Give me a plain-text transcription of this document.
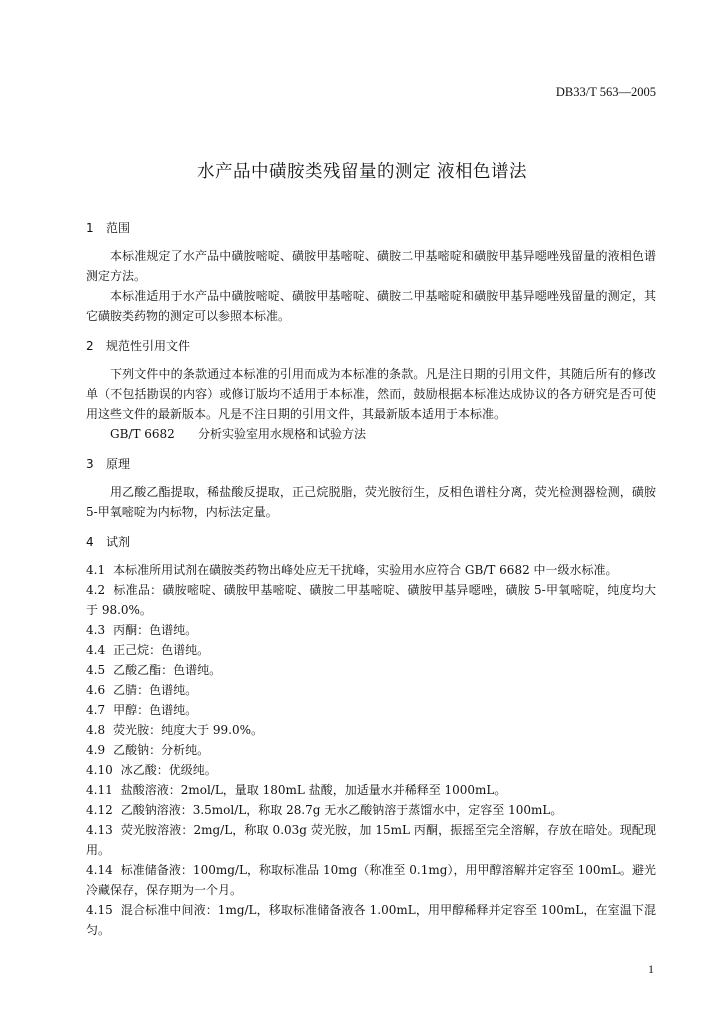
DB33/T 563—2005
水产品中磺胺类残留量的测定 液相色谱法
1 范围
本标准规定了水产品中磺胺嘧啶、磺胺甲基嘧啶、磺胺二甲基嘧啶和磺胺甲基异噁唑残留量的液相色谱测定方法。
本标准适用于水产品中磺胺嘧啶、磺胺甲基嘧啶、磺胺二甲基嘧啶和磺胺甲基异噁唑残留量的测定，其它磺胺类药物的测定可以参照本标准。
2 规范性引用文件
下列文件中的条款通过本标准的引用而成为本标准的条款。凡是注日期的引用文件，其随后所有的修改单（不包括勘误的内容）或修订版均不适用于本标准，然而，鼓励根据本标准达成协议的各方研究是否可使用这些文件的最新版本。凡是不注日期的引用文件，其最新版本适用于本标准。
GB/T 6682 分析实验室用水规格和试验方法
3 原理
用乙酸乙酯提取，稀盐酸反提取，正己烷脱脂，荧光胺衍生，反相色谱柱分离，荧光检测器检测，磺胺 5-甲氧嘧啶为内标物，内标法定量。
4 试剂
4.1 本标准所用试剂在磺胺类药物出峰处应无干扰峰，实验用水应符合 GB/T 6682 中一级水标准。
4.2 标准品：磺胺嘧啶、磺胺甲基嘧啶、磺胺二甲基嘧啶、磺胺甲基异噁唑，磺胺 5-甲氧嘧啶，纯度均大于 98.0%。
4.3 丙酮：色谱纯。
4.4 正己烷：色谱纯。
4.5 乙酸乙酯：色谱纯。
4.6 乙腈：色谱纯。
4.7 甲醇：色谱纯。
4.8 荧光胺：纯度大于 99.0%。
4.9 乙酸钠：分析纯。
4.10 冰乙酸：优级纯。
4.11 盐酸溶液：2mol/L，量取 180mL 盐酸，加适量水并稀释至 1000mL。
4.12 乙酸钠溶液：3.5mol/L，称取 28.7g 无水乙酸钠溶于蒸馏水中，定容至 100mL。
4.13 荧光胺溶液：2mg/L，称取 0.03g 荧光胺，加 15mL 丙酮，振摇至完全溶解，存放在暗处。现配现用。
4.14 标准储备液：100mg/L，称取标准品 10mg（称准至 0.1mg），用甲醇溶解并定容至 100mL。避光冷藏保存，保存期为一个月。
4.15 混合标准中间液：1mg/L，移取标准储备液各 1.00mL，用甲醇稀释并定容至 100mL，在室温下混匀。
1
